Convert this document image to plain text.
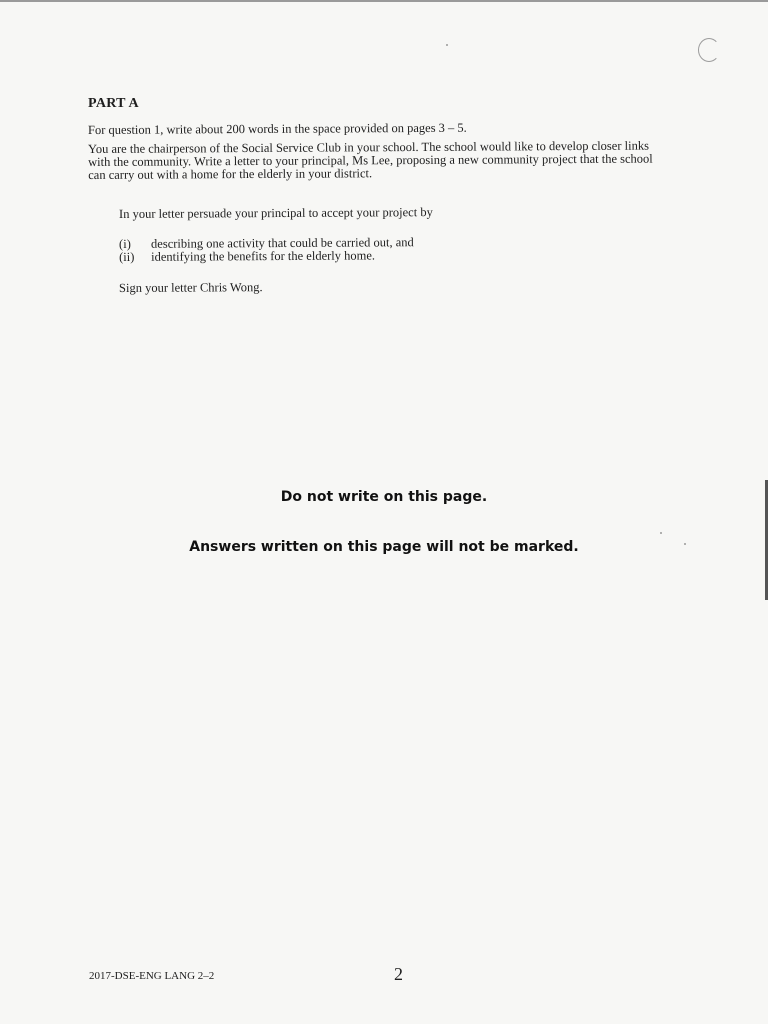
PART A

For question 1, write about 200 words in the space provided on pages 3 – 5.

You are the chairperson of the Social Service Club in your school. The school would like to develop closer links
with the community. Write a letter to your principal, Ms Lee, proposing a new community project that the school
can carry out with a home for the elderly in your district.

In your letter persuade your principal to accept your project by

(i)	describing one activity that could be carried out, and
(ii)	identifying the benefits for the elderly home.

Sign your letter Chris Wong.

Do not write on this page.
Answers written on this page will not be marked.
2017-DSE-ENG LANG 2–2	2
